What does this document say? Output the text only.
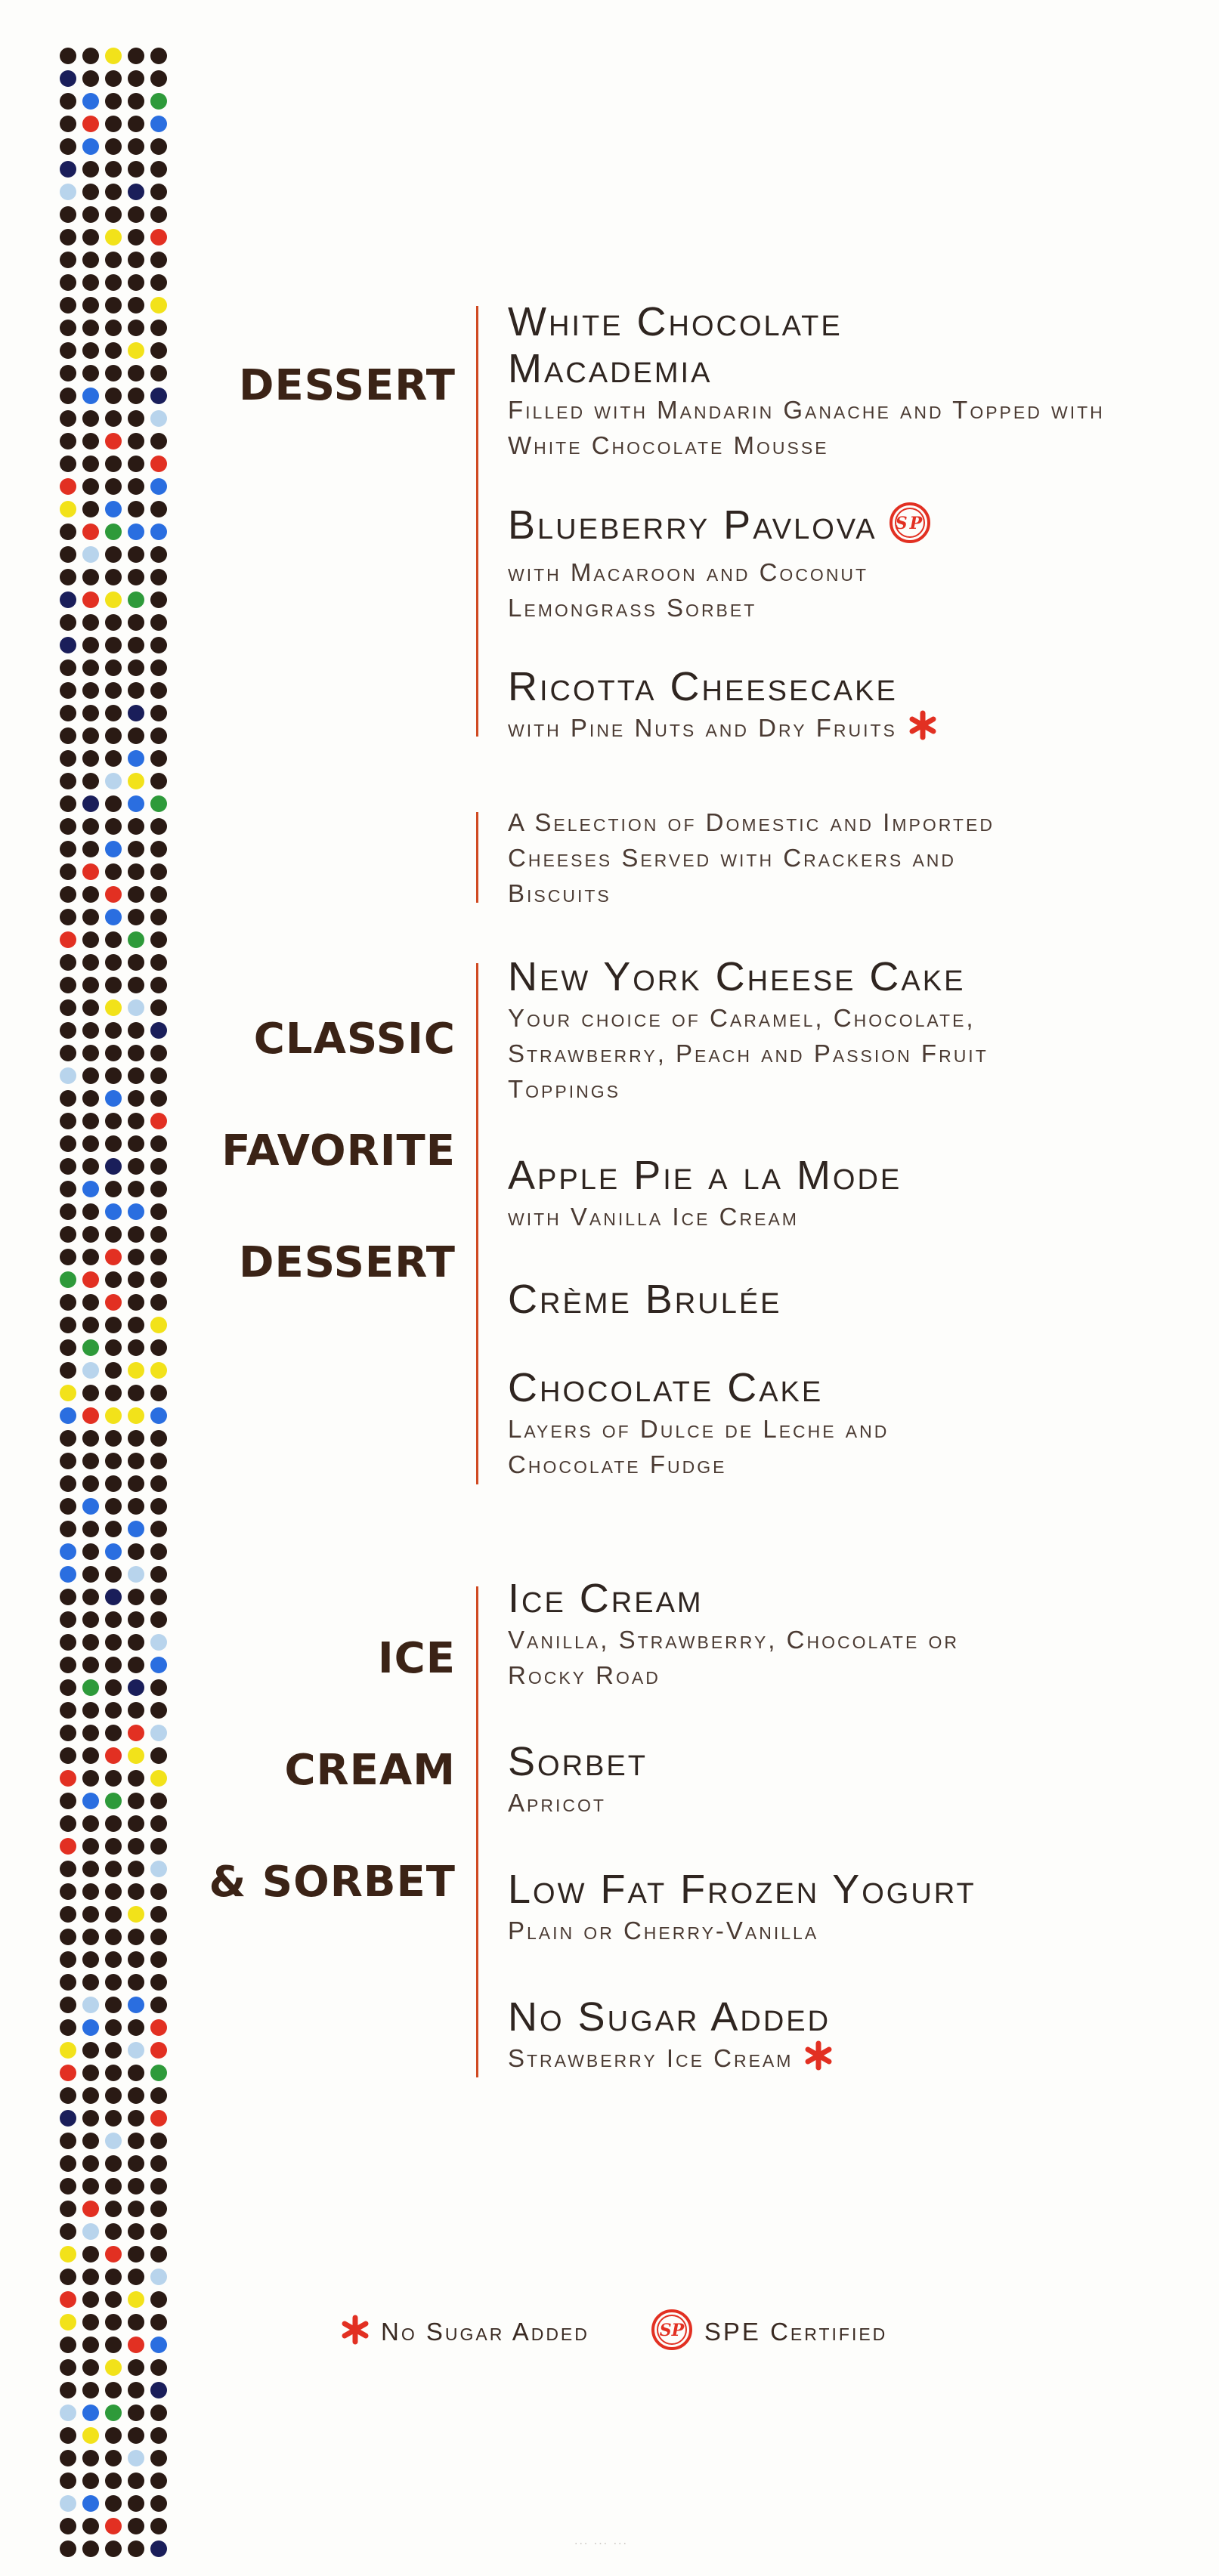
DESSERT

White Chocolate Macademia
Filled with Mandarin Ganache and Topped with White Chocolate Mousse
Blueberry Pavlova SP
with Macaroon and Coconut Lemongrass Sorbet
Ricotta Cheesecake
with Pine Nuts and Dry Fruits
A Selection of Domestic and Imported Cheeses Served with Crackers and Biscuits

CLASSIC

FAVORITE

DESSERT

New York Cheese Cake
Your choice of Caramel, Chocolate, Strawberry, Peach and Passion Fruit Toppings
Apple Pie a la Mode
with Vanilla Ice Cream
Crème Brulée
Chocolate Cake
Layers of Dulce de Leche and Chocolate Fudge

ICE

CREAM

& SORBET

Ice Cream
Vanilla, Strawberry, Chocolate or Rocky Road
Sorbet
Apricot
Low Fat Frozen Yogurt
Plain or Cherry-Vanilla
No Sugar Added
Strawberry Ice Cream
No Sugar Added	SP SPE Certified
... ... ...
